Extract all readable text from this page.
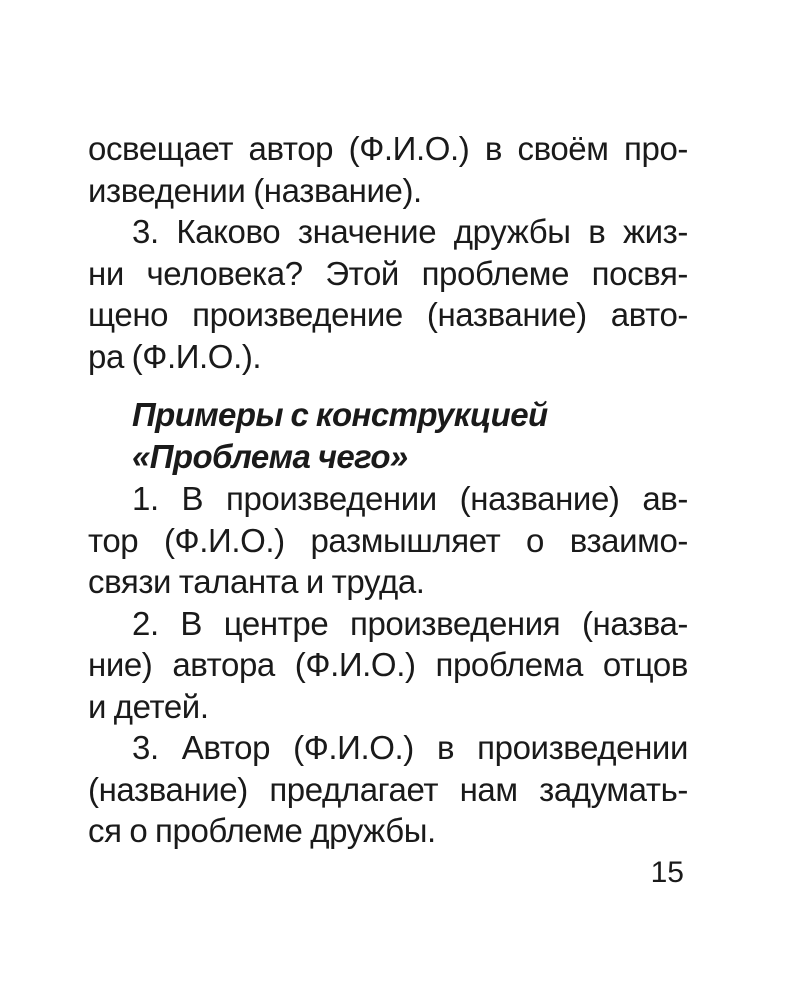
освещает автор (Ф.И.О.) в своём про-
изведении (название).
3. Каково значение дружбы в жиз-
ни человека? Этой проблеме посвя-
щено произведение (название) авто-
ра (Ф.И.О.).
Примеры с конструкцией
«Проблема чего»
1. В произведении (название) ав-
тор (Ф.И.О.) размышляет о взаимо-
связи таланта и труда.
2. В центре произведения (назва-
ние) автора (Ф.И.О.) проблема отцов
и детей.
3. Автор (Ф.И.О.) в произведении
(название) предлагает нам задумать-
ся о проблеме дружбы.
15
